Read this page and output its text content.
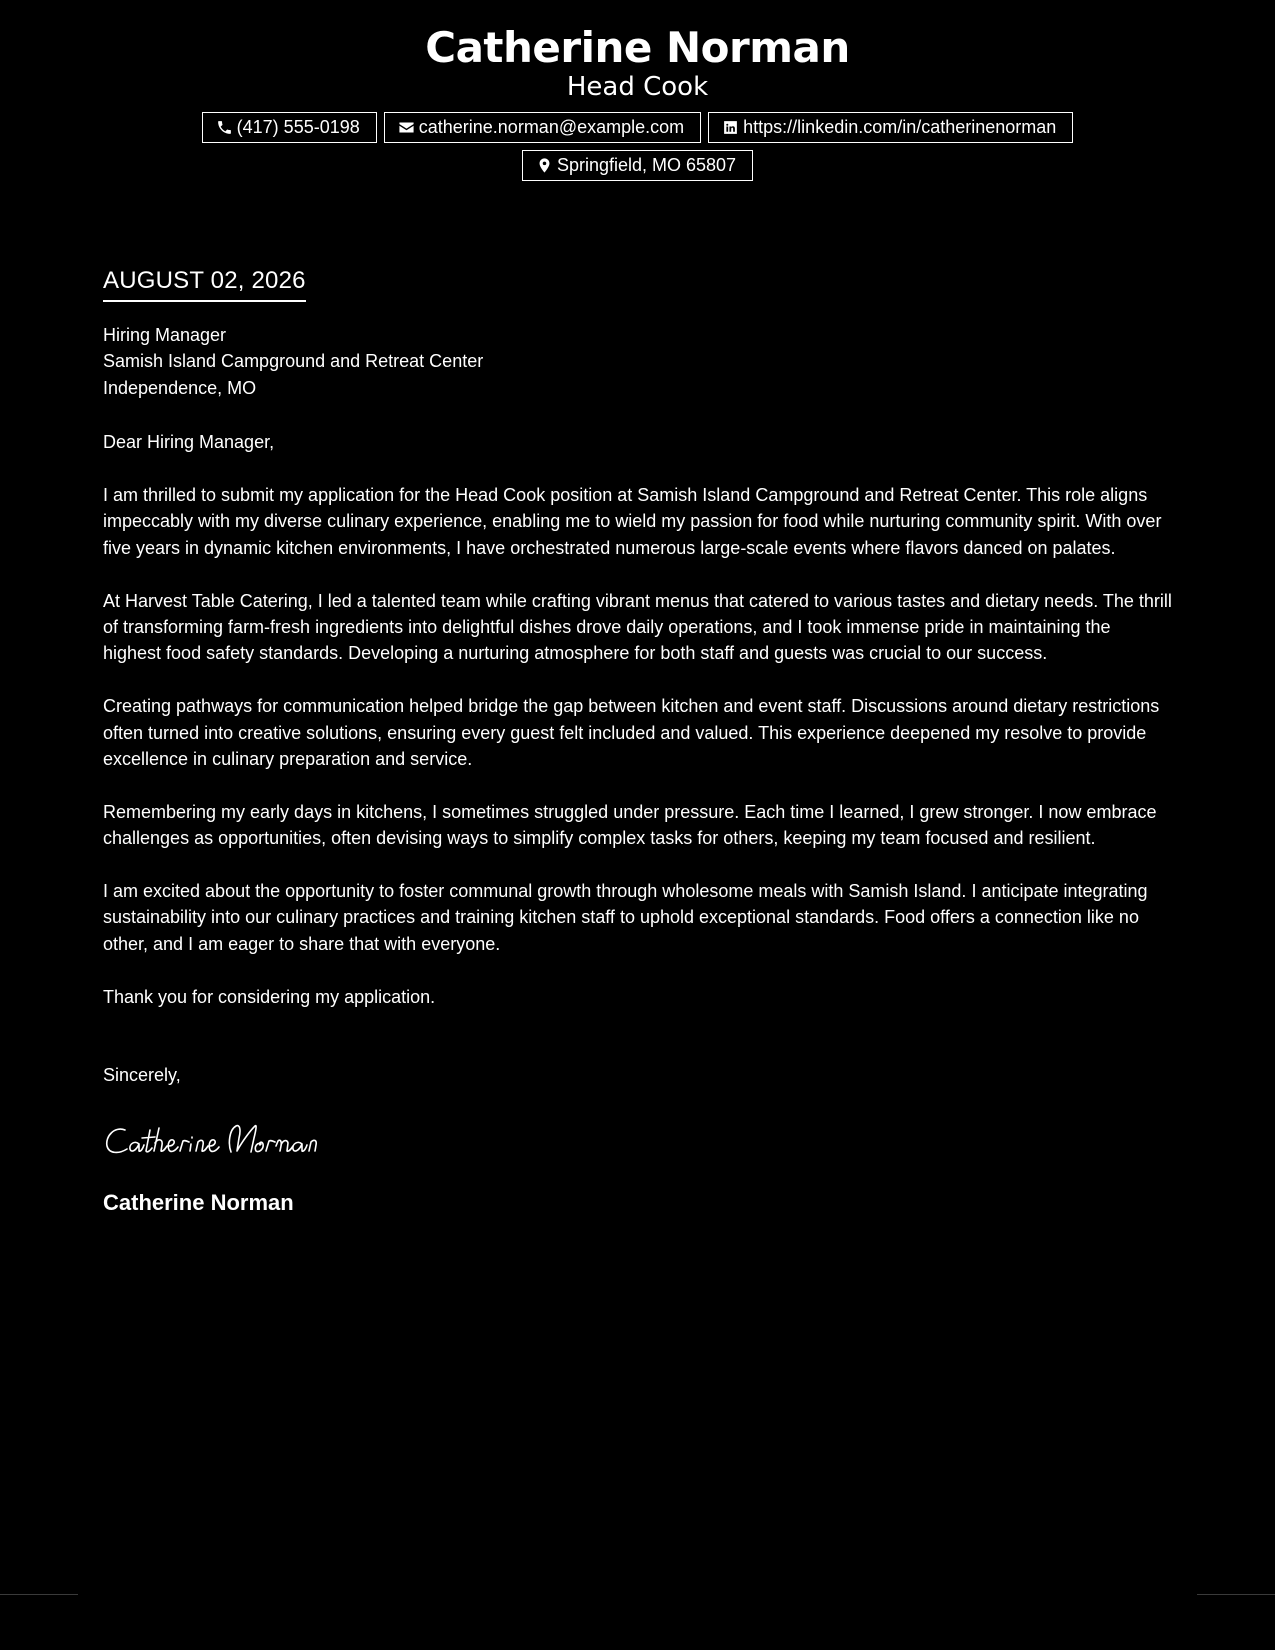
Catherine Norman
Head Cook
(417) 555-0198	catherine.norman@example.com	https://linkedin.com/in/catherinenorman
Springfield, MO 65807
AUGUST 02, 2026
Hiring Manager
Samish Island Campground and Retreat Center
Independence, MO
Dear Hiring Manager,
I am thrilled to submit my application for the Head Cook position at Samish Island Campground and Retreat Center. This role aligns impeccably with my diverse culinary experience, enabling me to wield my passion for food while nurturing community spirit. With over five years in dynamic kitchen environments, I have orchestrated numerous large-scale events where flavors danced on palates.
At Harvest Table Catering, I led a talented team while crafting vibrant menus that catered to various tastes and dietary needs. The thrill of transforming farm-fresh ingredients into delightful dishes drove daily operations, and I took immense pride in maintaining the highest food safety standards. Developing a nurturing atmosphere for both staff and guests was crucial to our success.
Creating pathways for communication helped bridge the gap between kitchen and event staff. Discussions around dietary restrictions often turned into creative solutions, ensuring every guest felt included and valued. This experience deepened my resolve to provide excellence in culinary preparation and service.
Remembering my early days in kitchens, I sometimes struggled under pressure. Each time I learned, I grew stronger. I now embrace challenges as opportunities, often devising ways to simplify complex tasks for others, keeping my team focused and resilient.
I am excited about the opportunity to foster communal growth through wholesome meals with Samish Island. I anticipate integrating sustainability into our culinary practices and training kitchen staff to uphold exceptional standards. Food offers a connection like no other, and I am eager to share that with everyone.
Thank you for considering my application.
Sincerely,
Catherine Norman
